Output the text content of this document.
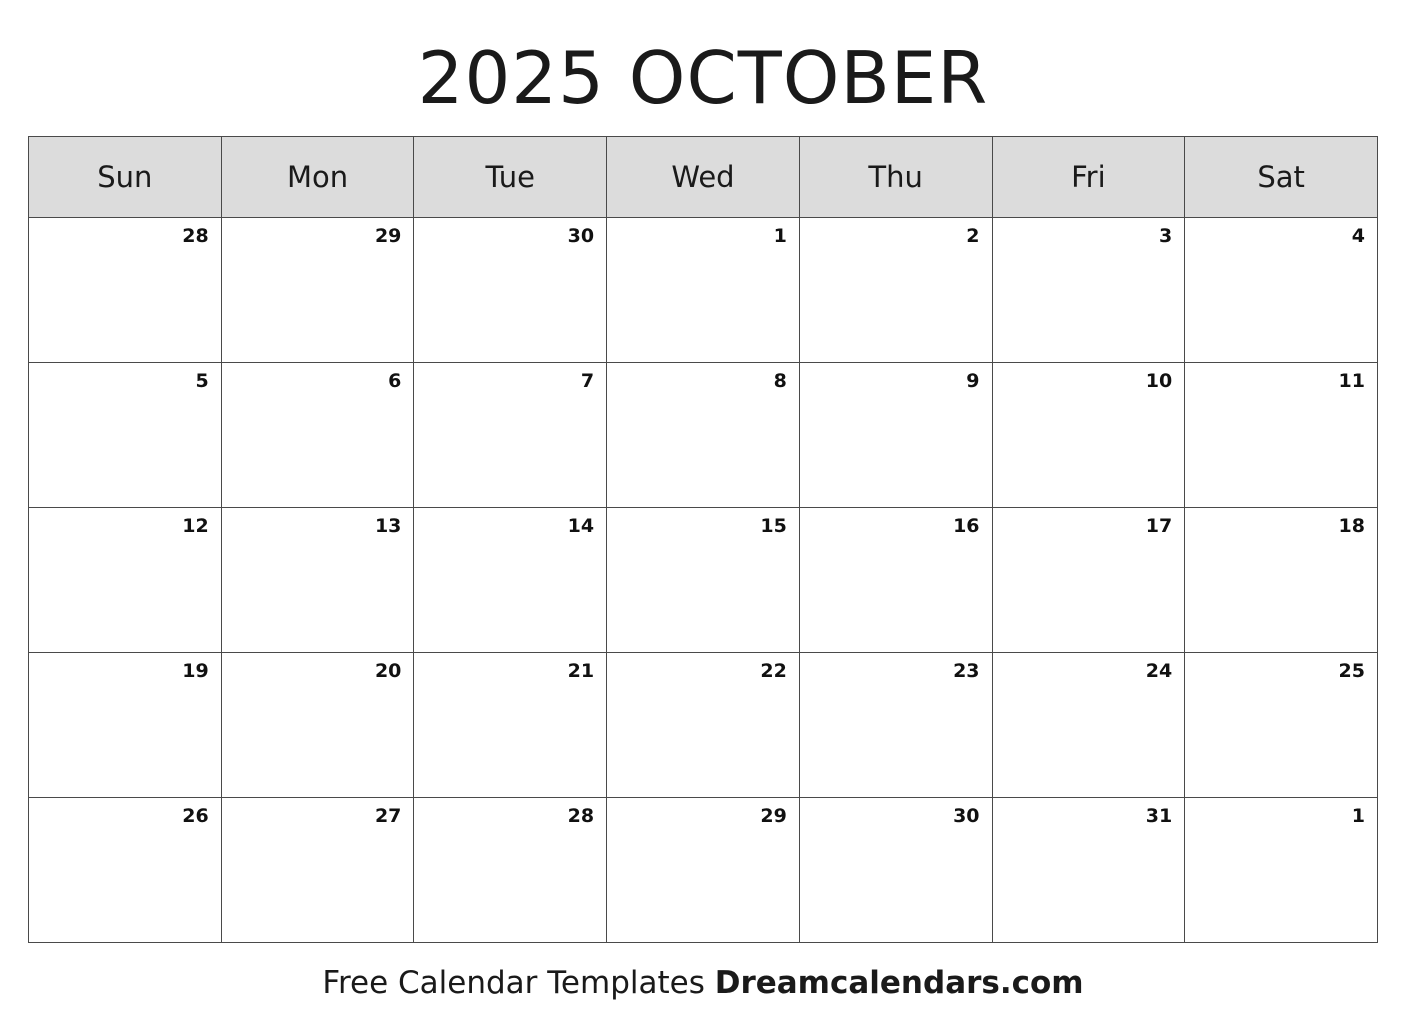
2025 OCTOBER
Sun	Mon	Tue	Wed	Thu	Fri	Sat

28	29	30	1	2	3	4

5	6	7	8	9	10	11

12	13	14	15	16	17	18

19	20	21	22	23	24	25

26	27	28	29	30	31	1
Free Calendar Templates Dreamcalendars.com
